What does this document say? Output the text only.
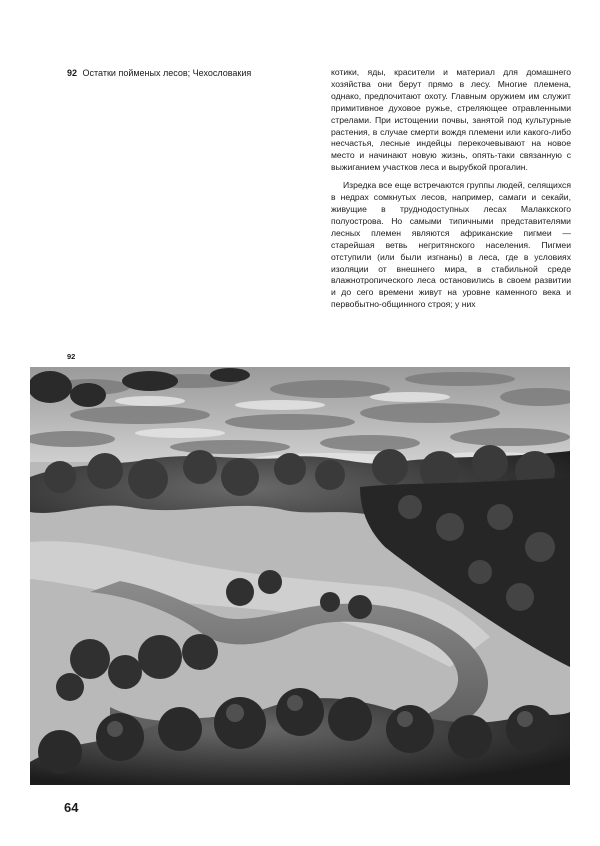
92 Остатки пойменых лесов; Чехословакия	котики, яды, красители и материал для домашнего хозяйства они берут прямо в лесу. Многие племена, однако, предпочитают охоту. Главным оружием им служит примитивное духовое ружье, стреляющее отравленными стрелами. При истощении почвы, занятой под культурные растения, в случае смерти вождя племени или какого-либо несчастья, лесные индейцы перекочевывают на новое место и начинают новую жизнь, опять-таки связанную с выжиганием участков леса и вырубкой прогалин.

Изредка все еще встречаются группы людей, селящихся в недрах сомкнутых лесов, например, самаги и секайи, живущие в труднодоступных лесах Малаккского полуострова. Но самыми типичными представителями лесных племен являются африканские пигмеи — старейшая ветвь негритянского населения. Пигмеи отступили (или были изгнаны) в леса, где в условиях изоляции от внешнего мира, в стабильной среде влажнотропического леса остановились в своем развитии и до сего времени живут на уровне каменного века и первобытно-общинного строя; у них

92
64
